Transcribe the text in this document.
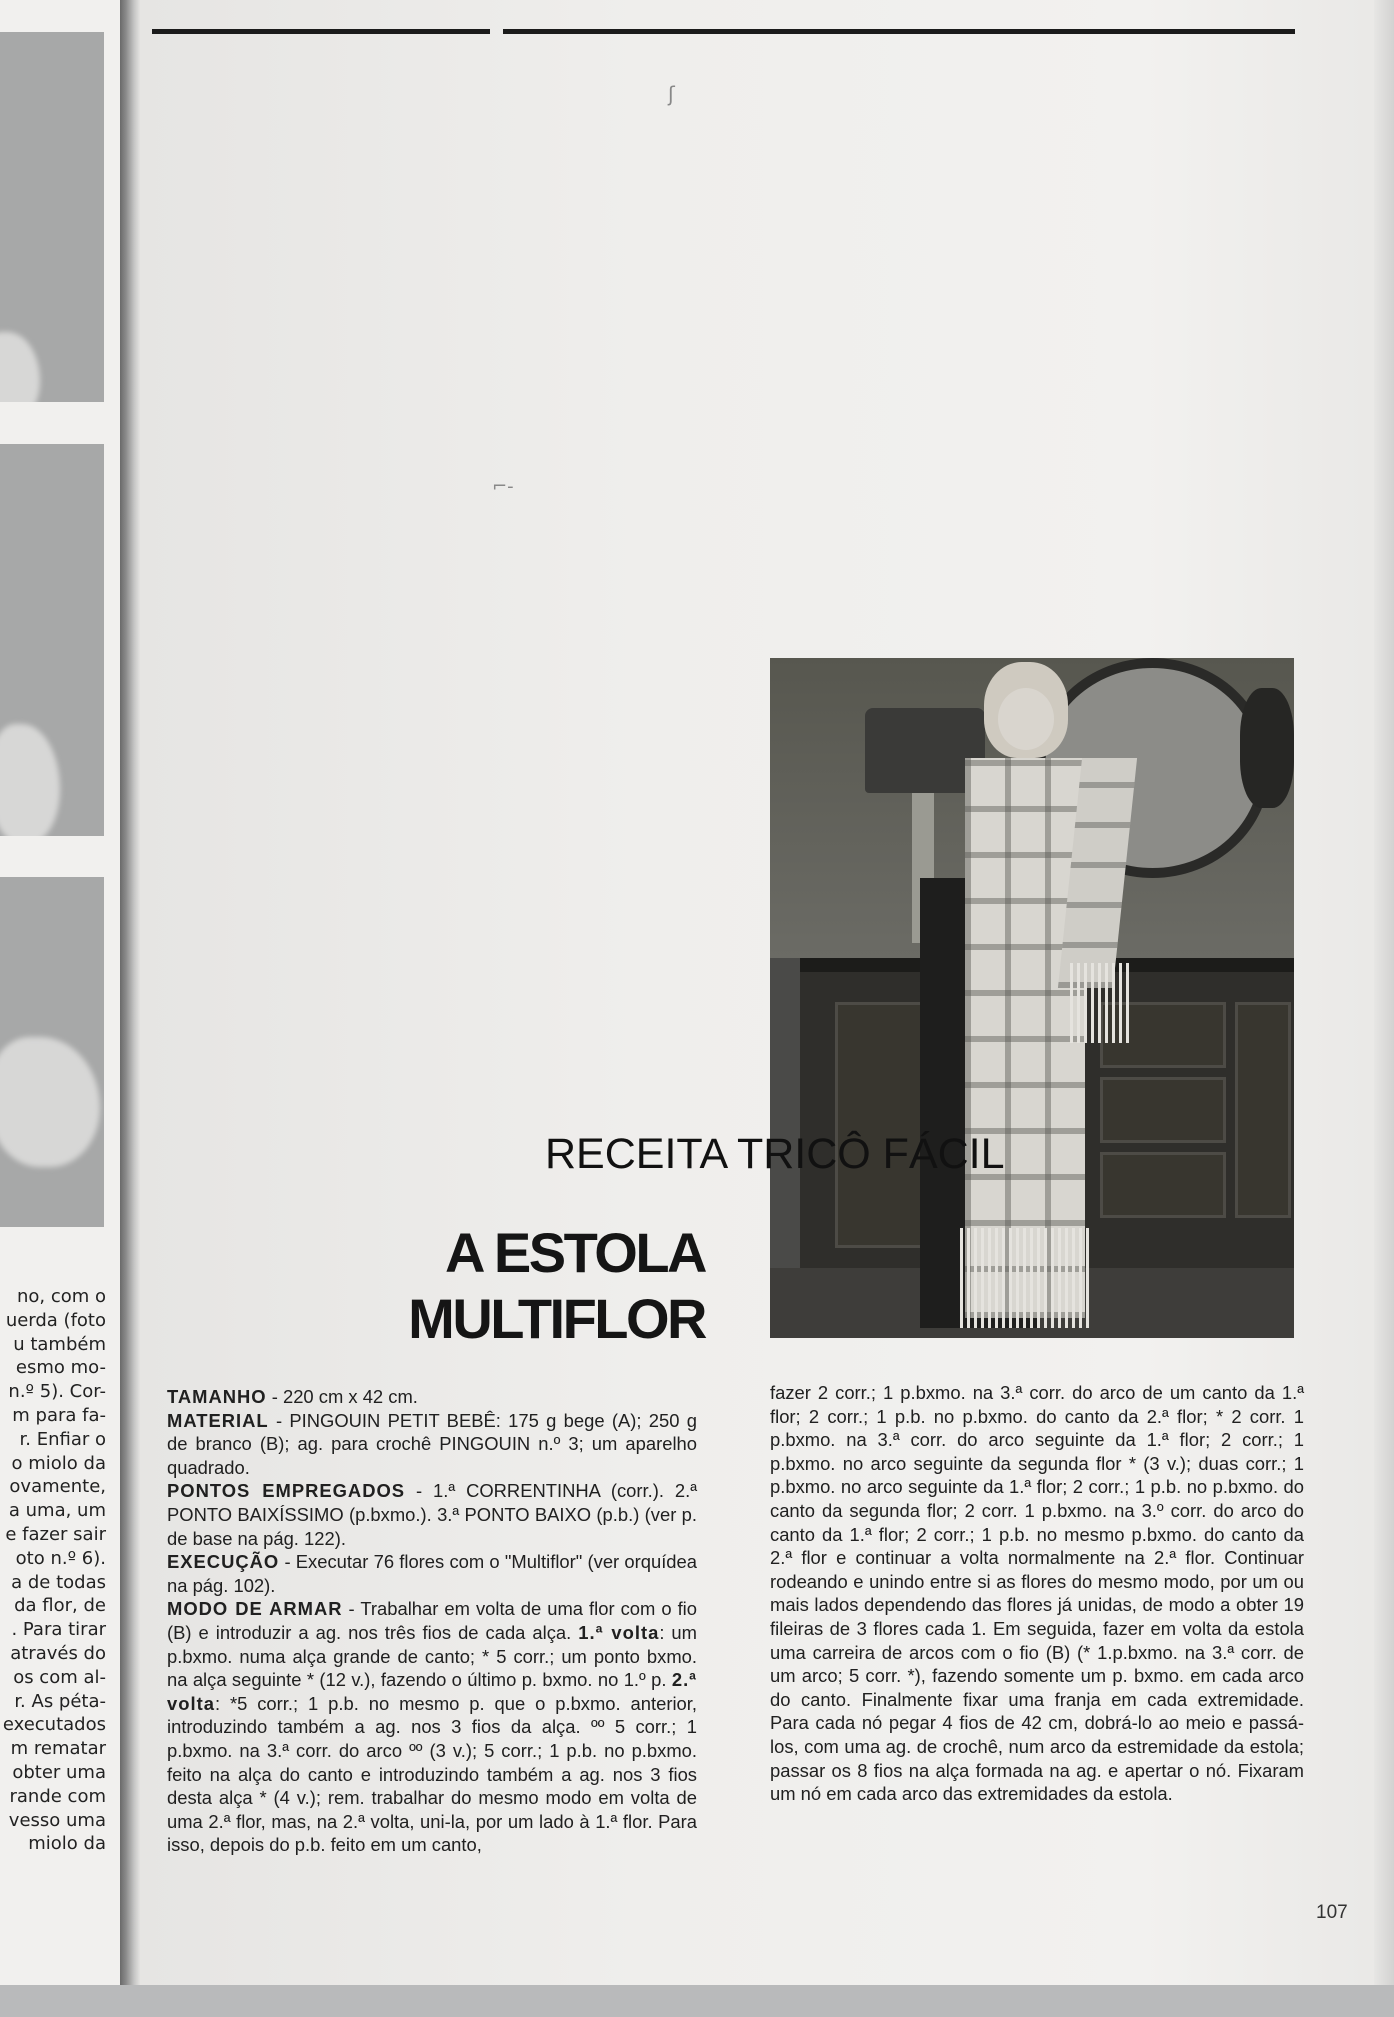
no, com o
uerda (foto
u também
esmo mo-
n.º 5). Cor-
m para fa-
r. Enfiar o
o miolo da
ovamente,
a uma, um
e fazer sair
oto n.º 6).
a de todas
da flor, de
. Para tirar
através do
os com al-
r. As péta-
executados
m rematar
obter uma
rande com
vesso uma
miolo da
ʃ
⌐-
RECEITA TRICÔ FÁCIL
A ESTOLA
MULTIFLOR

TAMANHO - 220 cm x 42 cm.

MATERIAL - PINGOUIN PETIT BEBÊ: 175 g bege (A); 250 g de branco (B); ag. para crochê PINGOUIN n.º 3; um aparelho quadrado.

PONTOS EMPREGADOS - 1.ª CORRENTINHA (corr.). 2.ª PONTO BAIXÍSSIMO (p.bxmo.). 3.ª PONTO BAIXO (p.b.) (ver p. de base na pág. 122).

EXECUÇÃO - Executar 76 flores com o "Multiflor" (ver orquídea na pág. 102).

MODO DE ARMAR - Trabalhar em volta de uma flor com o fio (B) e introduzir a ag. nos três fios de cada alça. 1.ª volta: um p.bxmo. numa alça grande de canto; * 5 corr.; um ponto bxmo. na alça seguinte * (12 v.), fazendo o último p. bxmo. no 1.º p. 2.ª volta: *5 corr.; 1 p.b. no mesmo p. que o p.bxmo. anterior, introduzindo também a ag. nos 3 fios da alça. ºº 5 corr.; 1 p.bxmo. na 3.ª corr. do arco ºº (3 v.); 5 corr.; 1 p.b. no p.bxmo. feito na alça do canto e introduzindo também a ag. nos 3 fios desta alça * (4 v.); rem. trabalhar do mesmo modo em volta de uma 2.ª flor, mas, na 2.ª volta, uni-la, por um lado à 1.ª flor. Para isso, depois do p.b. feito em um canto,

fazer 2 corr.; 1 p.bxmo. na 3.ª corr. do arco de um canto da 1.ª flor; 2 corr.; 1 p.b. no p.bxmo. do canto da 2.ª flor; * 2 corr. 1 p.bxmo. na 3.ª corr. do arco seguinte da 1.ª flor; 2 corr.; 1 p.bxmo. no arco seguinte da segunda flor * (3 v.); duas corr.; 1 p.bxmo. no arco seguinte da 1.ª flor; 2 corr.; 1 p.b. no p.bxmo. do canto da segunda flor; 2 corr. 1 p.bxmo. na 3.º corr. do arco do canto da 1.ª flor; 2 corr.; 1 p.b. no mesmo p.bxmo. do canto da 2.ª flor e continuar a volta normalmente na 2.ª flor. Continuar rodeando e unindo entre si as flores do mesmo modo, por um ou mais lados dependendo das flores já unidas, de modo a obter 19 fileiras de 3 flores cada 1. Em seguida, fazer em volta da estola uma carreira de arcos com o fio (B) (* 1.p.bxmo. na 3.ª corr. de um arco; 5 corr. *), fazendo somente um p. bxmo. em cada arco do canto. Finalmente fixar uma franja em cada extremidade. Para cada nó pegar 4 fios de 42 cm, dobrá-lo ao meio e passá-los, com uma ag. de crochê, num arco da estremidade da estola; passar os 8 fios na alça formada na ag. e apertar o nó. Fixaram um nó em cada arco das extremidades da estola.

107
